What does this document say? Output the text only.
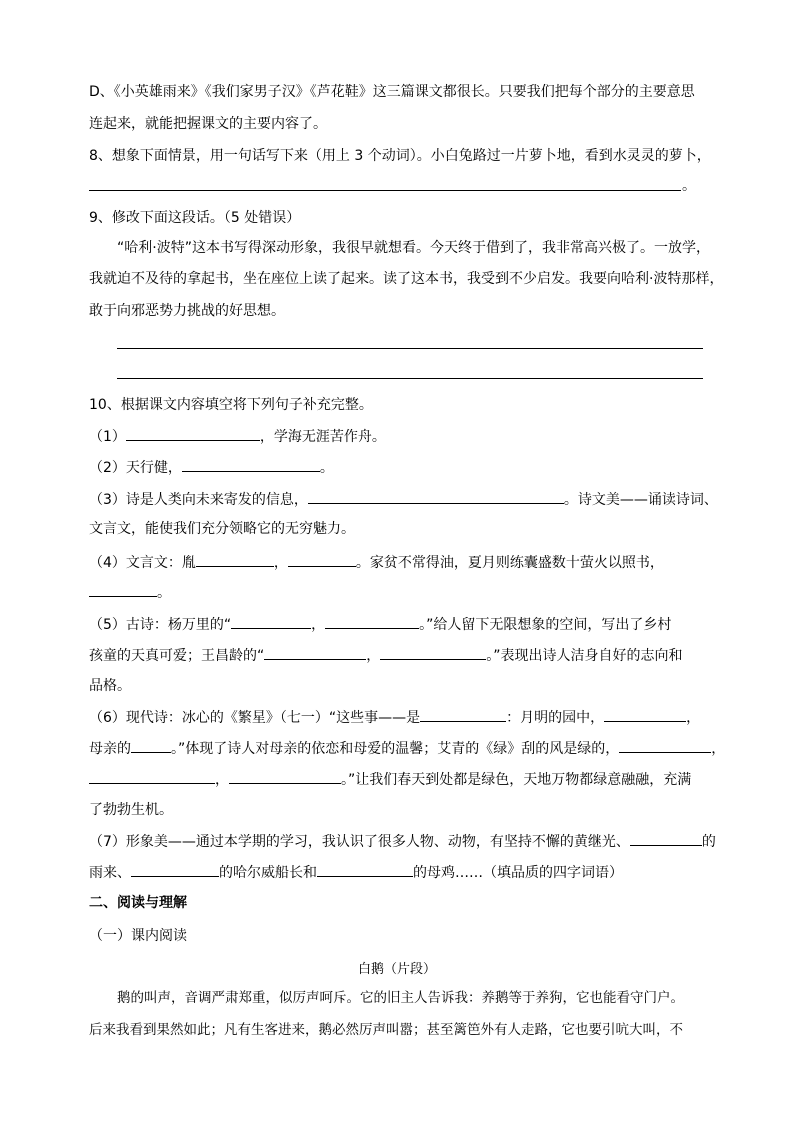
D、《小英雄雨来》《我们家男子汉》《芦花鞋》这三篇课文都很长。只要我们把每个部分的主要意思
连起来，就能把握课文的主要内容了。
8、想象下面情景，用一句话写下来（用上 3 个动词）。小白兔路过一片萝卜地，看到水灵灵的萝卜，
。
9、修改下面这段话。（5 处错误）
“哈利·波特”这本书写得深动形象，我很早就想看。今天终于借到了，我非常高兴极了。一放学，
我就迫不及待的拿起书，坐在座位上读了起来。读了这本书，我受到不少启发。我要向哈利·波特那样，
敢于向邪恶势力挑战的好思想。
10、根据课文内容填空将下列句子补充完整。
（1）	，学海无涯苦作舟。
（2）天行健，	。
（3）诗是人类向未来寄发的信息，	。诗文美——诵读诗词、
文言文，能使我们充分领略它的无穷魅力。
（4）文言文：胤	，	。家贫不常得油，夏月则练囊盛数十萤火以照书，
。
（5）古诗：杨万里的“	，	。”给人留下无限想象的空间，写出了乡村
孩童的天真可爱；王昌龄的“	，	。”表现出诗人洁身自好的志向和
品格。
（6）现代诗：冰心的《繁星》（七一）“这些事——是	：月明的园中，	，
母亲的	。”体现了诗人对母亲的依恋和母爱的温馨；艾青的《绿》刮的风是绿的，	，
，	。”让我们春天到处都是绿色，天地万物都绿意融融，充满
了勃勃生机。
（7）形象美——通过本学期的学习，我认识了很多人物、动物，有坚持不懈的黄继光、	的
雨来、	的哈尔威船长和	的母鸡……（填品质的四字词语）
二、阅读与理解
（一）课内阅读
白鹅（片段）
鹅的叫声，音调严肃郑重，似厉声呵斥。它的旧主人告诉我：养鹅等于养狗，它也能看守门户。
后来我看到果然如此；凡有生客进来，鹅必然厉声叫嚣；甚至篱笆外有人走路，它也要引吭大叫，不
